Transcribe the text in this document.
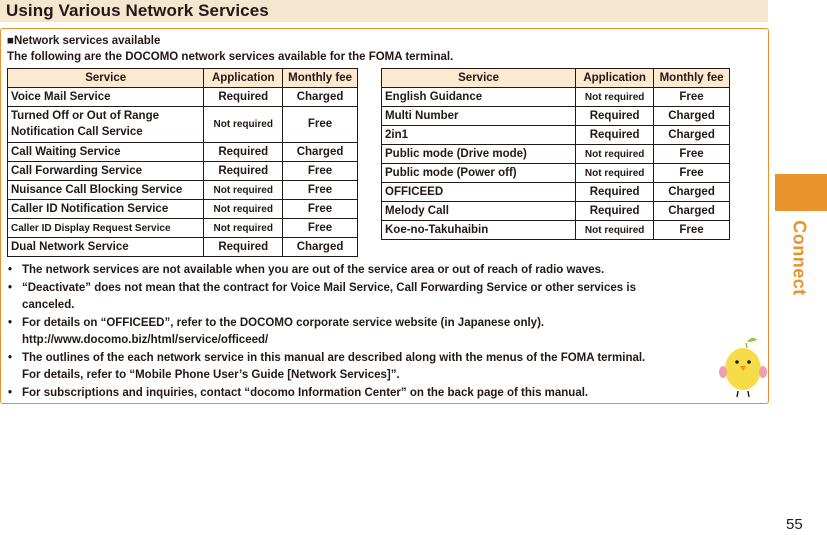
Using Various Network Services
■Network services available
The following are the DOCOMO network services available for the FOMA terminal.
Service	Application	Monthly fee
Voice Mail Service	Required	Charged

Turned Off or Out of Range
Notification Call Service	Not required	Free
Call Waiting Service	Required	Charged
Call Forwarding Service	Required	Free
Nuisance Call Blocking Service	Not required	Free
Caller ID Notification Service	Not required	Free
Caller ID Display Request Service	Not required	Free
Dual Network Service	Required	Charged
Service	Application	Monthly fee
English Guidance	Not required	Free
Multi Number	Required	Charged
2in1	Required	Charged
Public mode (Drive mode)	Not required	Free
Public mode (Power off)	Not required	Free
OFFICEED	Required	Charged
Melody Call	Required	Charged
Koe-no-Takuhaibin	Not required	Free
• The network services are not available when you are out of the service area or out of reach of radio waves.
• “Deactivate” does not mean that the contract for Voice Mail Service, Call Forwarding Service or other services is
canceled.
• For details on “OFFICEED”, refer to the DOCOMO corporate service website (in Japanese only).
http://www.docomo.biz/html/service/officeed/
• The outlines of the each network service in this manual are described along with the menus of the FOMA terminal.
For details, refer to “Mobile Phone User’s Guide [Network Services]”.
• For subscriptions and inquiries, contact “docomo Information Center” on the back page of this manual.
Connect
55
